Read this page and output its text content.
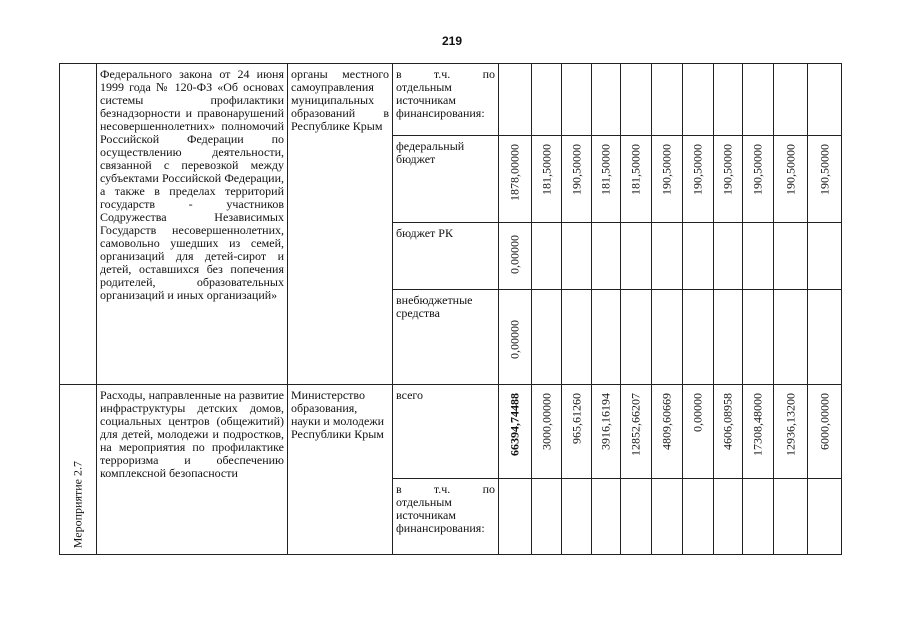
219

	Федерального закона от 24 июня 1999 года № 120-ФЗ «Об основах системы профилактики безнадзорности и правонарушений несовершеннолетних» полномочий Российской Федерации по осуществлению деятельности, связанной с перевозкой между субъектами Российской Федерации, а также в пределах территорий государств - участников Содружества Независимых Государств несовершеннолетних, самовольно ушедших из семей, организаций для детей-сирот и детей, оставшихся без попечения родителей, образовательных организаций и иных организаций»	органы местного самоуправления муниципальных образований в Республике Крым	в т.ч. по отдельным источникам финансирования:											

			федеральный бюджет	1878,00000	181,50000	190,50000	181,50000	181,50000	190,50000	190,50000	190,50000	190,50000	190,50000	190,50000

			бюджет РК	0,00000										

			внебюджетные средства	0,00000										

Мероприятие 2.7	Расходы, направленные на развитие инфраструктуры детских домов, социальных центров (общежитий) для детей, молодежи и подростков, на мероприятия по профилактике терроризма и обеспечению комплексной безопасности	Министерство образования, науки и молодежи Республики Крым	всего	66394,74488	3000,00000	965,61260	3916,16194	12852,66207	4809,60669	0,00000	4606,08958	17308,48000	12936,13200	6000,00000

			в т.ч. по отдельным источникам финансирования:											
